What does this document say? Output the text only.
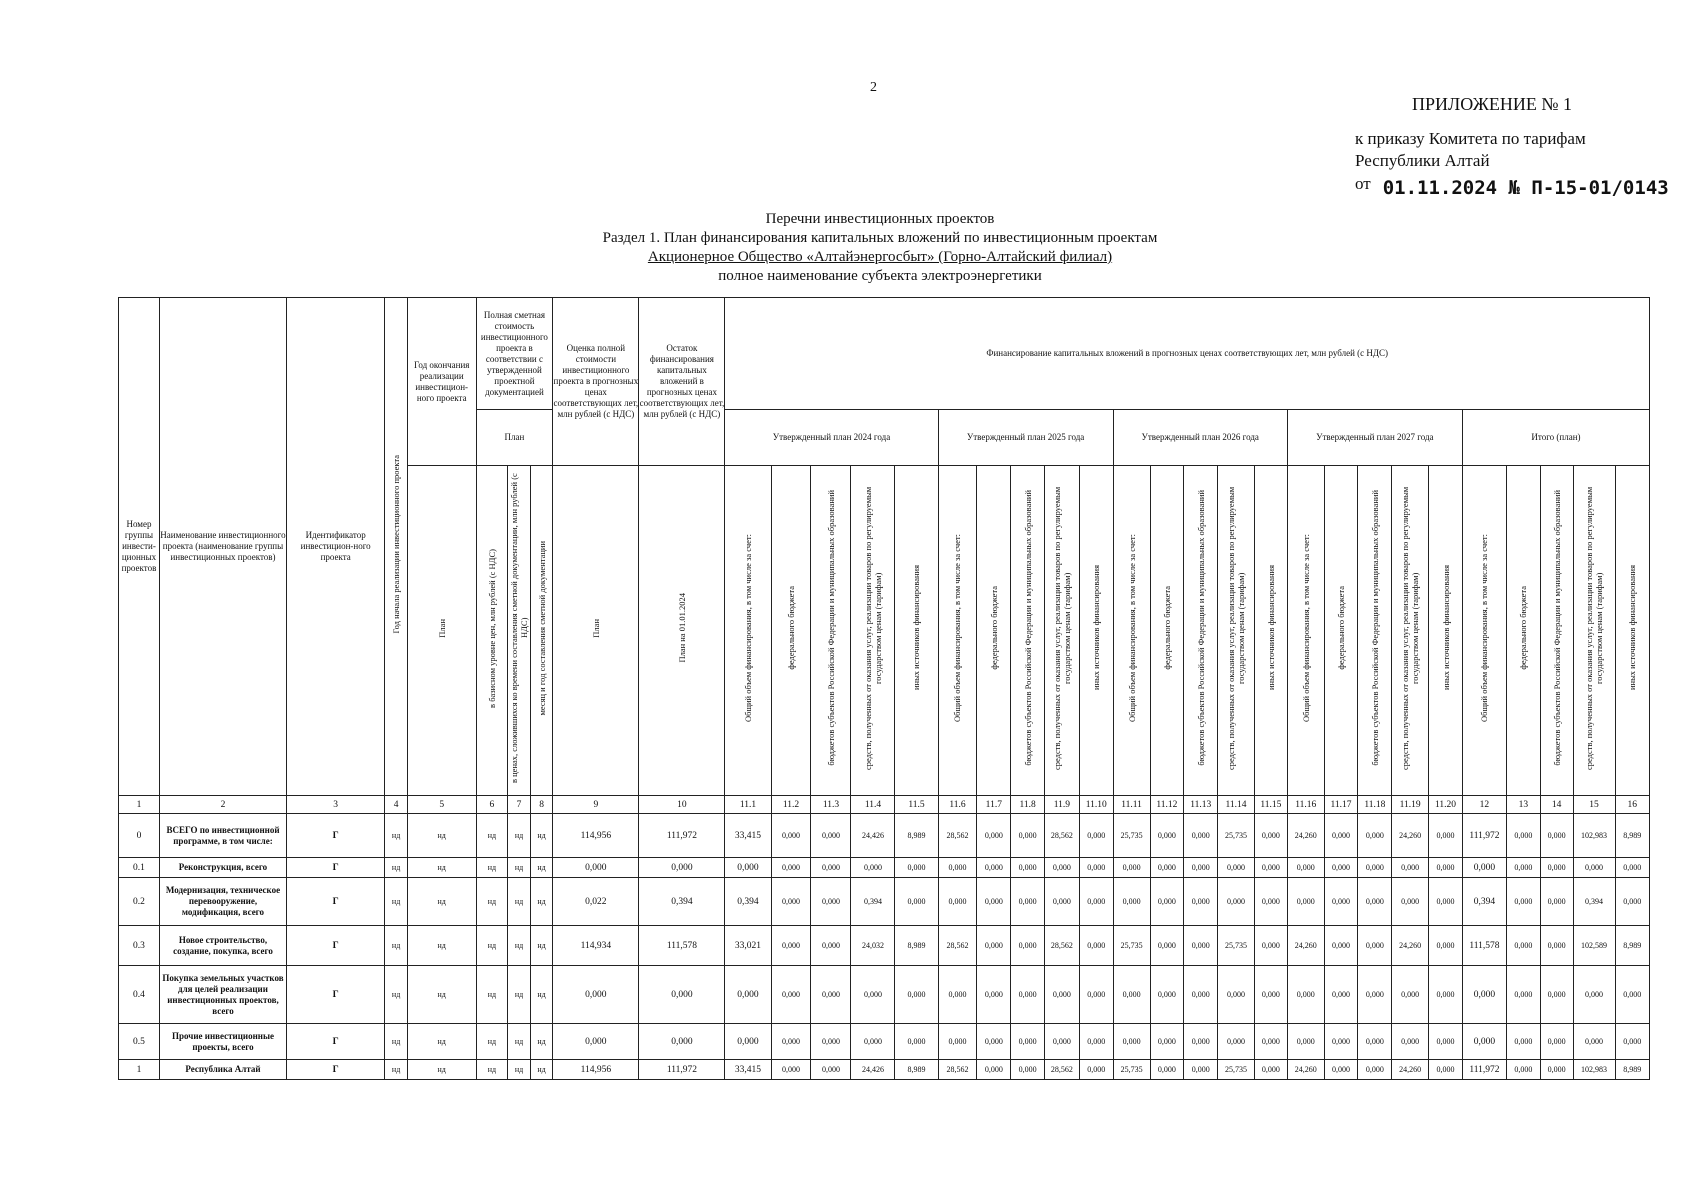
2
ПРИЛОЖЕНИЕ № 1
к приказу Комитета по тарифам
Республики Алтай
от 01.11.2024 № П-15-01/0143
Перечни инвестиционных проектов
Раздел 1. План финансирования капитальных вложений по инвестиционным проектам
Акционерное Общество «Алтайэнергосбыт» (Горно-Алтайский филиал)
полное наименование субъекта электроэнергетики
Номер группы инвести-ционных проектов	Наименование инвестиционного проекта (наименование группы инвестиционных проектов)	Идентификатор инвестицион-ного проекта	Год начала реализации инвестиционного проекта	Год окончания реализации инвестицион-ного проекта	Полная сметная стоимость инвестиционного проекта в соответствии с утвержденной проектной документацией			Оценка полной стоимости инвестиционного проекта в прогнозных ценах соответствующих лет, млн рублей (с НДС)	Остаток финансирования капитальных вложений в прогнозных ценах соответствующих лет, млн рублей (с НДС)	Финансирование капитальных вложений в прогнозных ценах соответствующих лет, млн рублей (с НДС)																								
					План					Утвержденный план 2024 года					Утвержденный план 2025 года					Утвержденный план 2026 года					Утвержденный план 2027 года					Итого (план)				
				План	в базисном уровне цен, млн рублей (с НДС)	в ценах, сложившихся ко времени составления сметной документации, млн рублей (с НДС)	месяц и год составления сметной документации	План	План на 01.01.2024	Общий объем финансирования, в том числе за счет:	федерального бюджета	бюджетов субъектов Российской Федерации и муниципальных образований	средств, полученных от оказания услуг, реализации товаров по регулируемым государством ценам (тарифам)	иных источников финансирования	Общий объем финансирования, в том числе за счет:	федерального бюджета	бюджетов субъектов Российской Федерации и муниципальных образований	средств, полученных от оказания услуг, реализации товаров по регулируемым государством ценам (тарифам)	иных источников финансирования	Общий объем финансирования, в том числе за счет:	федерального бюджета	бюджетов субъектов Российской Федерации и муниципальных образований	средств, полученных от оказания услуг, реализации товаров по регулируемым государством ценам (тарифам)	иных источников финансирования	Общий объем финансирования, в том числе за счет:	федерального бюджета	бюджетов субъектов Российской Федерации и муниципальных образований	средств, полученных от оказания услуг, реализации товаров по регулируемым государством ценам (тарифам)	иных источников финансирования	Общий объем финансирования, в том числе за счет:	федерального бюджета	бюджетов субъектов Российской Федерации и муниципальных образований	средств, полученных от оказания услуг, реализации товаров по регулируемым государством ценам (тарифам)	иных источников финансирования
1	2	3	4	5	6	7	8	9	10	11.1	11.2	11.3	11.4	11.5	11.6	11.7	11.8	11.9	11.10	11.11	11.12	11.13	11.14	11.15	11.16	11.17	11.18	11.19	11.20	12	13	14	15	16
0	ВСЕГО по инвестиционной программе, в том числе:	Г	нд	нд	нд	нд	нд	114,956	111,972	33,415	0,000	0,000	24,426	8,989	28,562	0,000	0,000	28,562	0,000	25,735	0,000	0,000	25,735	0,000	24,260	0,000	0,000	24,260	0,000	111,972	0,000	0,000	102,983	8,989
0.1	Реконструкция, всего	Г	нд	нд	нд	нд	нд	0,000	0,000	0,000	0,000	0,000	0,000	0,000	0,000	0,000	0,000	0,000	0,000	0,000	0,000	0,000	0,000	0,000	0,000	0,000	0,000	0,000	0,000	0,000	0,000	0,000	0,000	0,000
0.2	Модернизация, техническое перевооружение, модификация, всего	Г	нд	нд	нд	нд	нд	0,022	0,394	0,394	0,000	0,000	0,394	0,000	0,000	0,000	0,000	0,000	0,000	0,000	0,000	0,000	0,000	0,000	0,000	0,000	0,000	0,000	0,000	0,394	0,000	0,000	0,394	0,000
0.3	Новое строительство, создание, покупка, всего	Г	нд	нд	нд	нд	нд	114,934	111,578	33,021	0,000	0,000	24,032	8,989	28,562	0,000	0,000	28,562	0,000	25,735	0,000	0,000	25,735	0,000	24,260	0,000	0,000	24,260	0,000	111,578	0,000	0,000	102,589	8,989
0.4	Покупка земельных участков для целей реализации инвестиционных проектов, всего	Г	нд	нд	нд	нд	нд	0,000	0,000	0,000	0,000	0,000	0,000	0,000	0,000	0,000	0,000	0,000	0,000	0,000	0,000	0,000	0,000	0,000	0,000	0,000	0,000	0,000	0,000	0,000	0,000	0,000	0,000	0,000
0.5	Прочие инвестиционные проекты, всего	Г	нд	нд	нд	нд	нд	0,000	0,000	0,000	0,000	0,000	0,000	0,000	0,000	0,000	0,000	0,000	0,000	0,000	0,000	0,000	0,000	0,000	0,000	0,000	0,000	0,000	0,000	0,000	0,000	0,000	0,000	0,000
1	Республика Алтай	Г	нд	нд	нд	нд	нд	114,956	111,972	33,415	0,000	0,000	24,426	8,989	28,562	0,000	0,000	28,562	0,000	25,735	0,000	0,000	25,735	0,000	24,260	0,000	0,000	24,260	0,000	111,972	0,000	0,000	102,983	8,989
